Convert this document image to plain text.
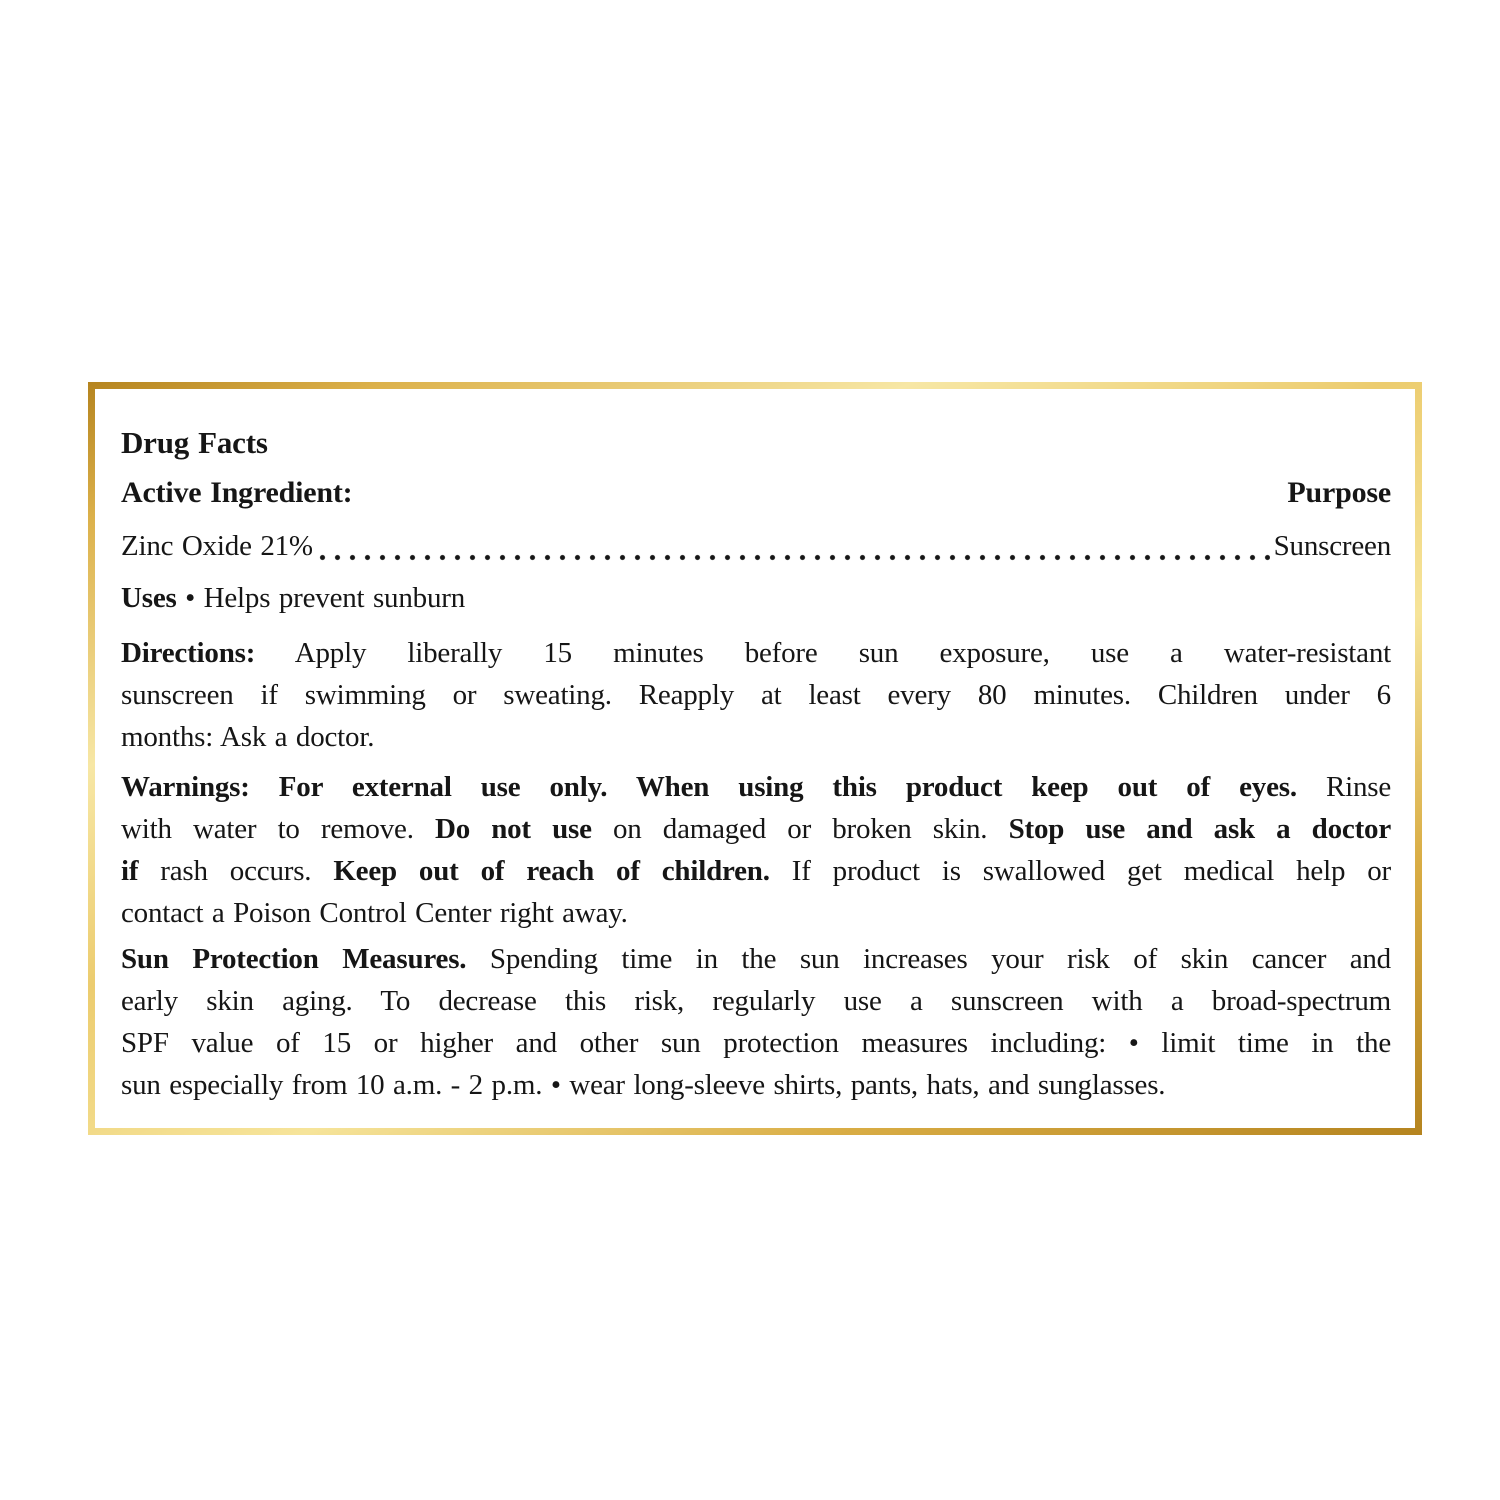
Drug Facts
Active Ingredient:	Purpose
Zinc Oxide 21%	Sunscreen
Uses • Helps prevent sunburn
Directions: Apply liberally 15 minutes before sun exposure, use a water-resistant
sunscreen if swimming or sweating. Reapply at least every 80 minutes. Children under 6
months: Ask a doctor.
Warnings: For external use only. When using this product keep out of eyes. Rinse
with water to remove. Do not use on damaged or broken skin. Stop use and ask a doctor
if rash occurs. Keep out of reach of children. If product is swallowed get medical help or
contact a Poison Control Center right away.
Sun Protection Measures. Spending time in the sun increases your risk of skin cancer and
early skin aging. To decrease this risk, regularly use a sunscreen with a broad-spectrum
SPF value of 15 or higher and other sun protection measures including: • limit time in the
sun especially from 10 a.m. - 2 p.m. • wear long-sleeve shirts, pants, hats, and sunglasses.
